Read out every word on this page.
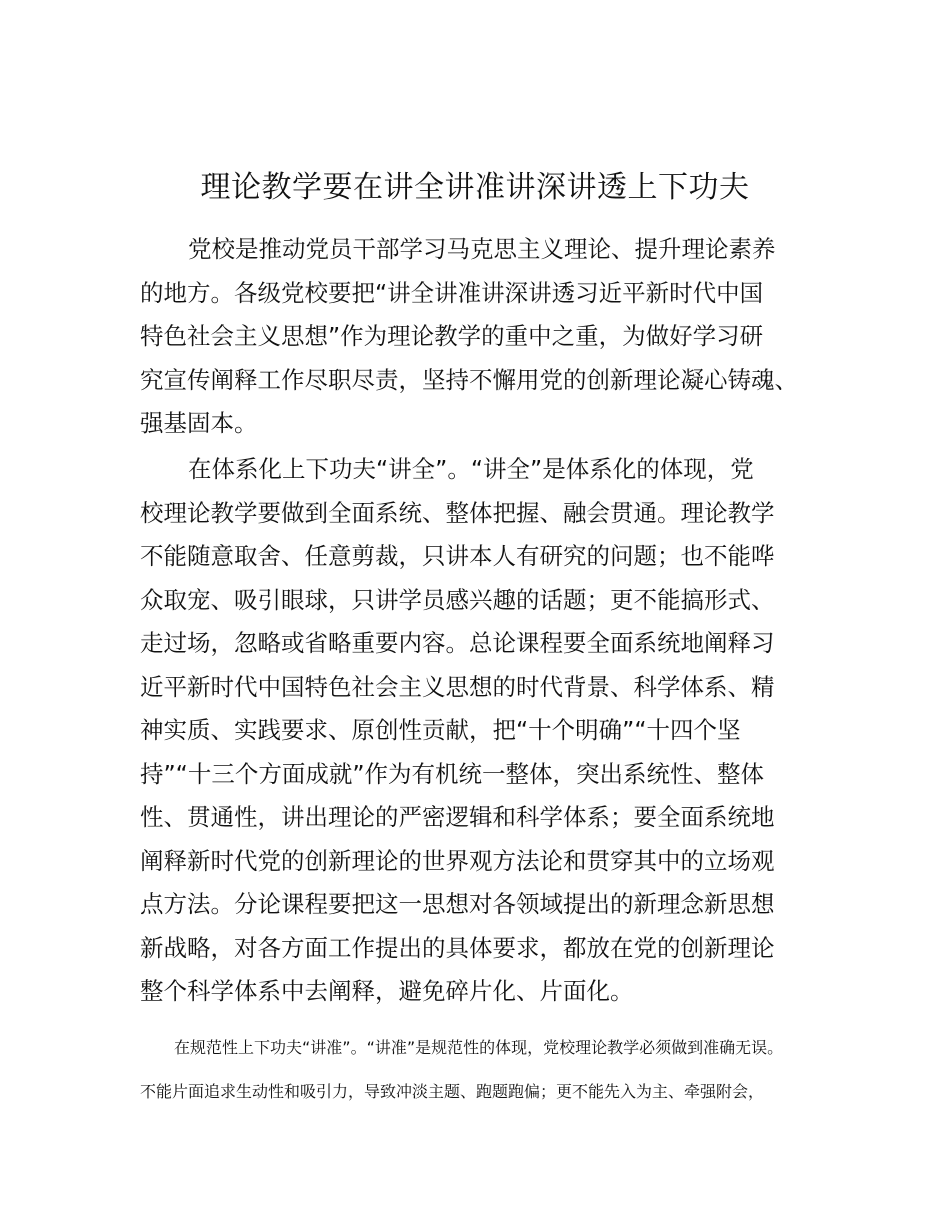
理论教学要在讲全讲准讲深讲透上下功夫
党校是推动党员干部学习马克思主义理论、提升理论素养
的地方。各级党校要把“讲全讲准讲深讲透习近平新时代中国
特色社会主义思想”作为理论教学的重中之重，为做好学习研
究宣传阐释工作尽职尽责，坚持不懈用党的创新理论凝心铸魂、
强基固本。
在体系化上下功夫“讲全”。“讲全”是体系化的体现，党
校理论教学要做到全面系统、整体把握、融会贯通。理论教学
不能随意取舍、任意剪裁，只讲本人有研究的问题；也不能哗
众取宠、吸引眼球，只讲学员感兴趣的话题；更不能搞形式、
走过场，忽略或省略重要内容。总论课程要全面系统地阐释习
近平新时代中国特色社会主义思想的时代背景、科学体系、精
神实质、实践要求、原创性贡献，把“十个明确”“十四个坚
持”“十三个方面成就”作为有机统一整体，突出系统性、整体
性、贯通性，讲出理论的严密逻辑和科学体系；要全面系统地
阐释新时代党的创新理论的世界观方法论和贯穿其中的立场观
点方法。分论课程要把这一思想对各领域提出的新理念新思想
新战略，对各方面工作提出的具体要求，都放在党的创新理论
整个科学体系中去阐释，避免碎片化、片面化。
在规范性上下功夫“讲准”。“讲准”是规范性的体现，党校理论教学必须做到准确无误。
不能片面追求生动性和吸引力，导致冲淡主题、跑题跑偏；更不能先入为主、牵强附会，
